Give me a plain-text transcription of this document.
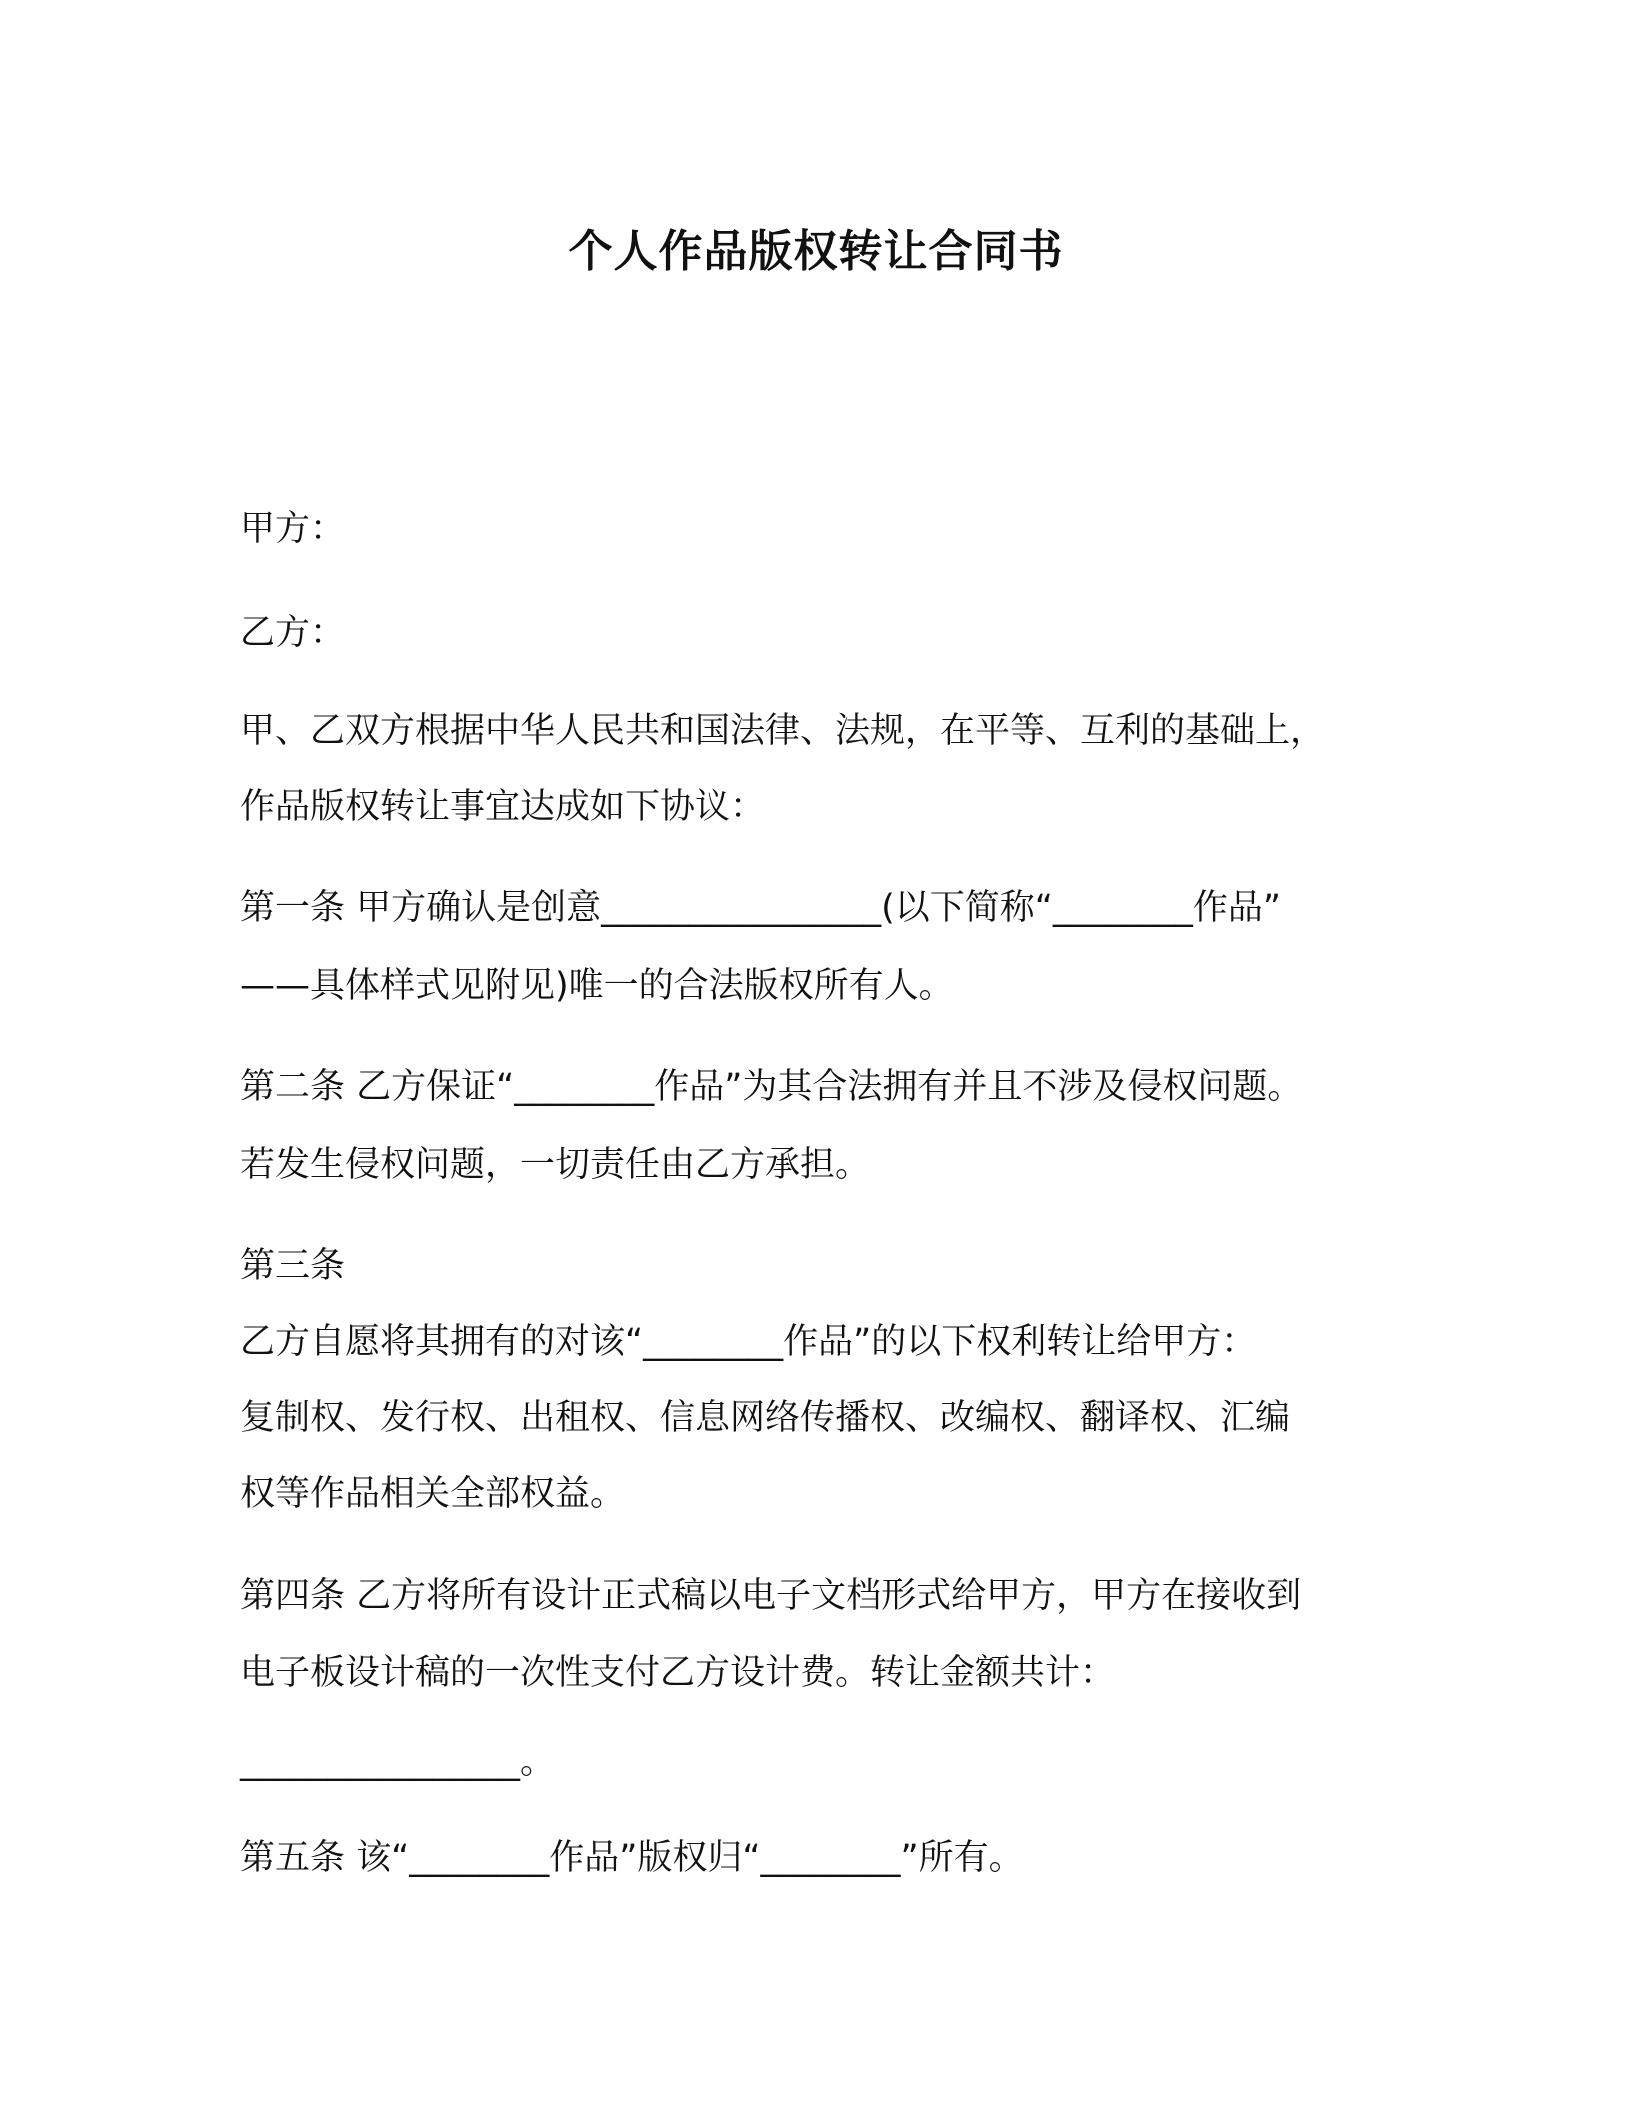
个人作品版权转让合同书

甲方：

乙方：

甲、乙双方根据中华人民共和国法律、法规，在平等、互利的基础上，

作品版权转让事宜达成如下协议：

第一条 甲方确认是创意________________(以下简称“________作品”

——具体样式见附见)唯一的合法版权所有人。

第二条 乙方保证“________作品”为其合法拥有并且不涉及侵权问题。

若发生侵权问题，一切责任由乙方承担。

第三条

乙方自愿将其拥有的对该“________作品”的以下权利转让给甲方：

复制权、发行权、出租权、信息网络传播权、改编权、翻译权、汇编

权等作品相关全部权益。

第四条 乙方将所有设计正式稿以电子文档形式给甲方，甲方在接收到

电子板设计稿的一次性支付乙方设计费。转让金额共计：

________________。

第五条 该“________作品”版权归“________”所有。
